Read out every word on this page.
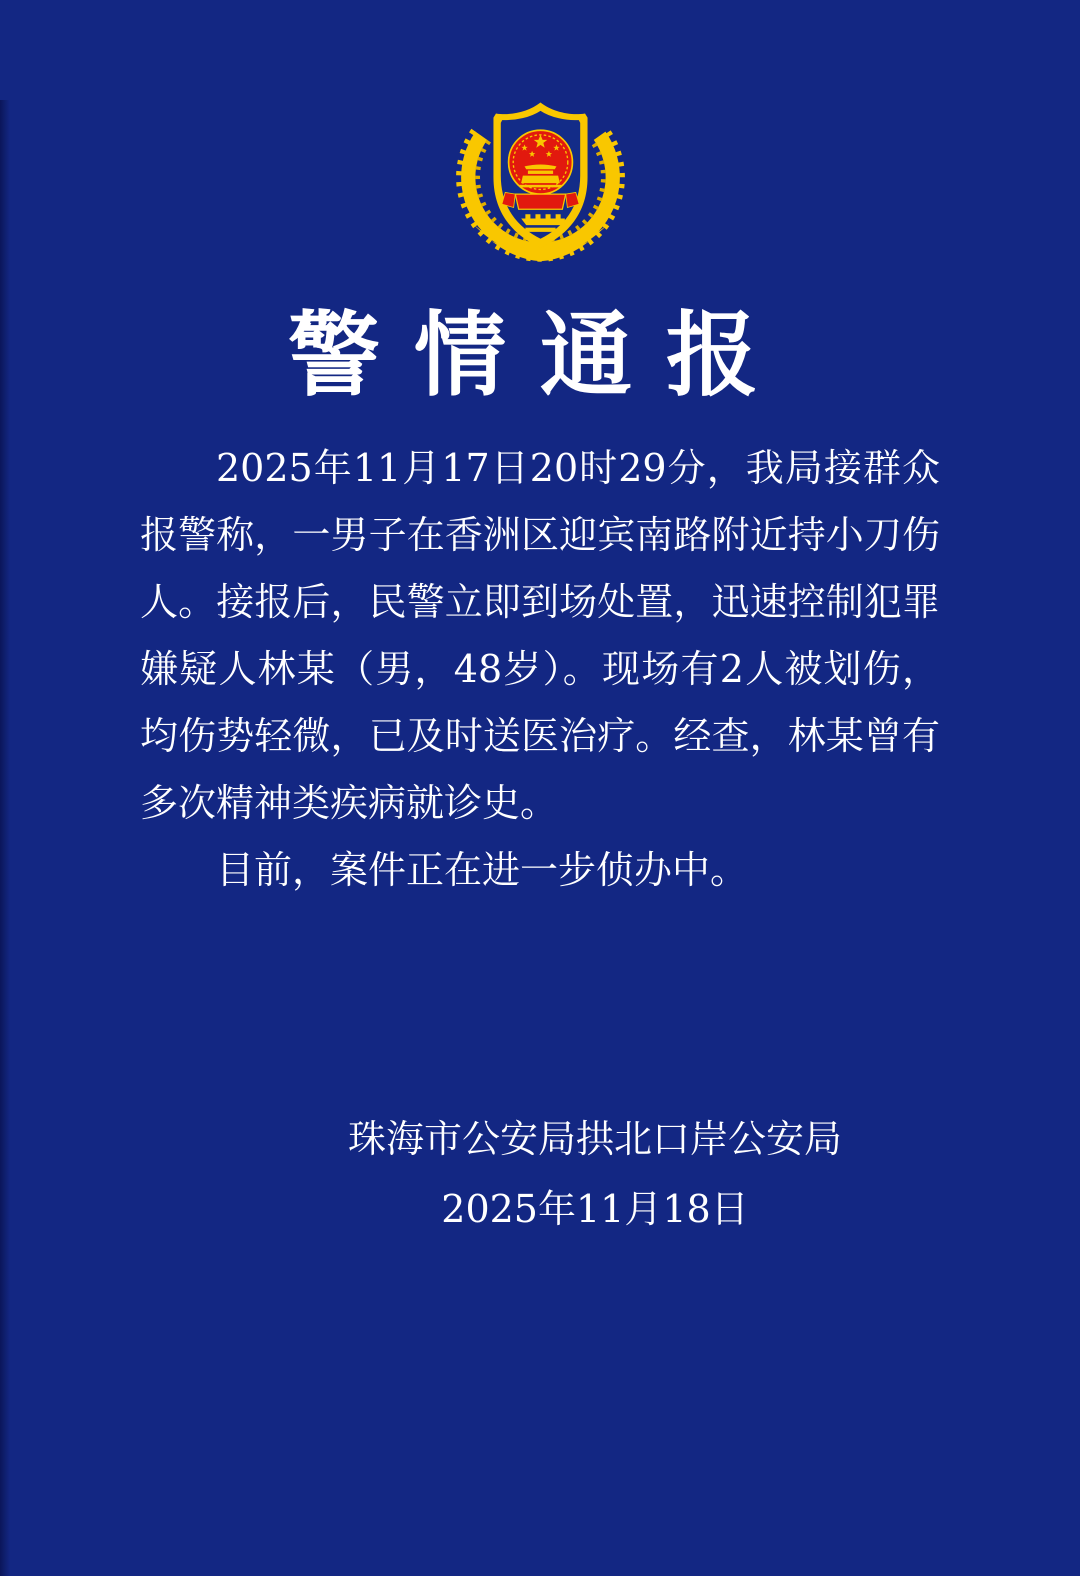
警情通报

2025年11月17日20时29分，我局接群众报警称，一男子在香洲区迎宾南路附近持小刀伤人。接报后，民警立即到场处置，迅速控制犯罪嫌疑人林某（男，48岁）。现场有2人被划伤，均伤势轻微，已及时送医治疗。经查，林某曾有多次精神类疾病就诊史。

目前，案件正在进一步侦办中。

珠海市公安局拱北口岸公安局
2025年11月18日
